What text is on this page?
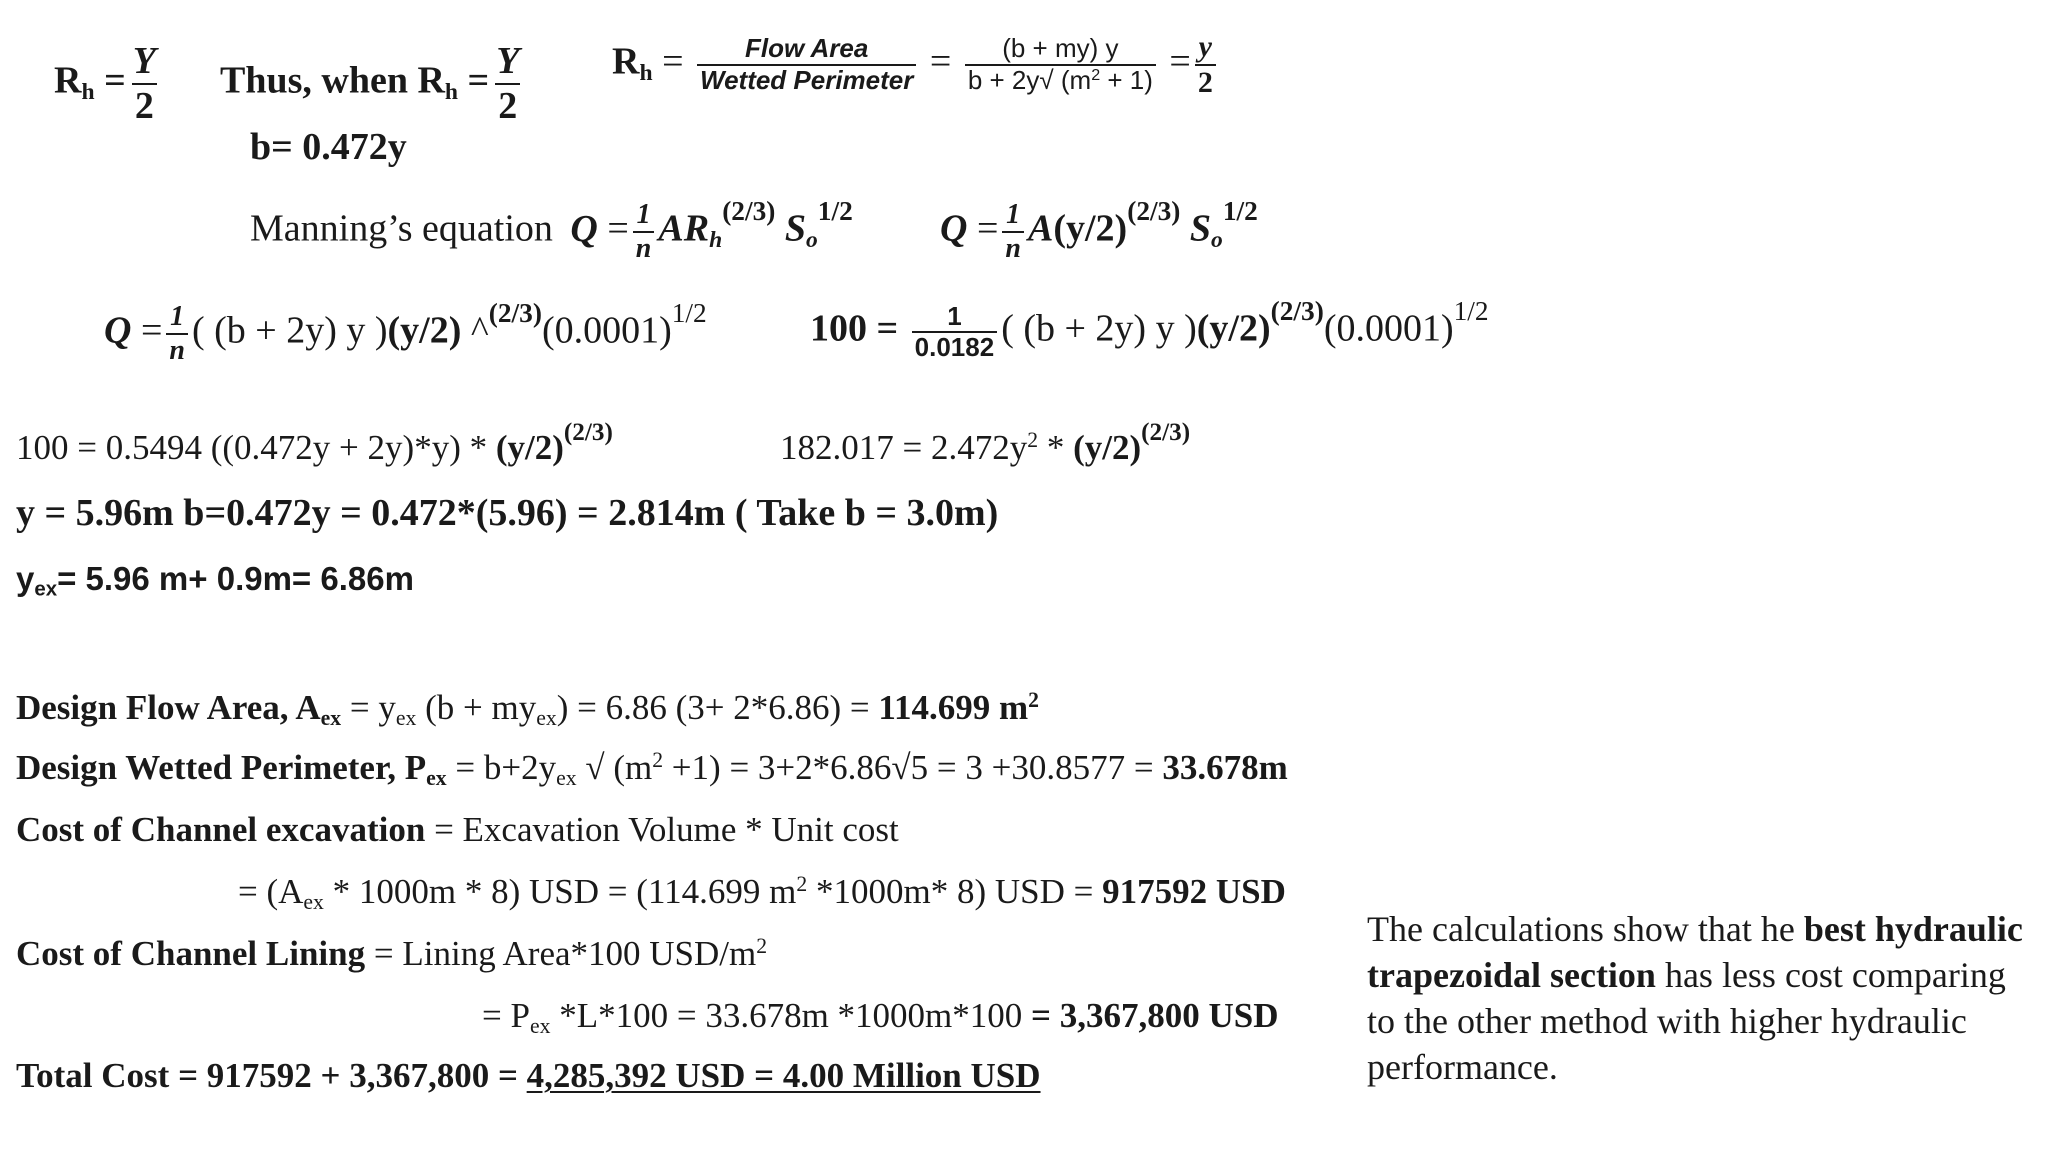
$R_h = \frac{Y}{2}$ Thus, when $R_h = \frac{Y}{2} R_h$ = Flow Area
Wetted Perimeter = $\frac{(b + my) y}{b + 2y√ (m^2 + 1)} = \frac{y}{2}$
b= 0.472y
Manning’s equation $Q = \frac{1}{n} AR_h(2/3)$ $S_o1/2$ $Q = \frac{1}{n} A(y/2)(2/3)$ $S_o1/2$
$Q = \frac{1}{n}$ ( (b + 2y) y )(y/2) ^(2/3)(0.0001)1/2	$100 = \frac{1}{0.0182}$ ( (b + 2y) y )(y/2)(2/3)(0.0001)1/2
100 = 0.5494 ((0.472y + 2y)*y) * (y/2)(2/3)	$182.017 = 2.472y^2 * (y/2)(2/3)$
y = 5.96m b=0.472y = 0.472*(5.96) = 2.814m ( Take b = 3.0m)
$y_{ex}= 5.96$ m+ 0.9m= 6.86m
Design Flow Area, $A_{ex} = y_{ex}$ $(b + my_{ex}) = 6.86$ (3+ 2*6.86) = 114.699 $m^2$
Design Wetted Perimeter, $P_{ex} = b+2y_{ex}$ √ $(m^2 +1) = 3+2*6.86√5 = 3 +30.8577 = 33.678m$
Cost of Channel excavation = Excavation Volume * Unit cost
= $(A_{ex} * 1000m * 8)$ USD = (114.699 $m^2$ *1000m* 8) USD = 917592 USD
Cost of Channel Lining = Lining Area*100 USD/$m^2$
= $P_{ex}$ *L*100 = 33.678m *1000m*100 = 3,367,800 USD
Total Cost = 917592 + 3,367,800 = 4,285,392 USD = 4.00 Million USD
The calculations show that he best hydraulic trapezoidal section has less cost comparing to the other method with higher hydraulic performance.
